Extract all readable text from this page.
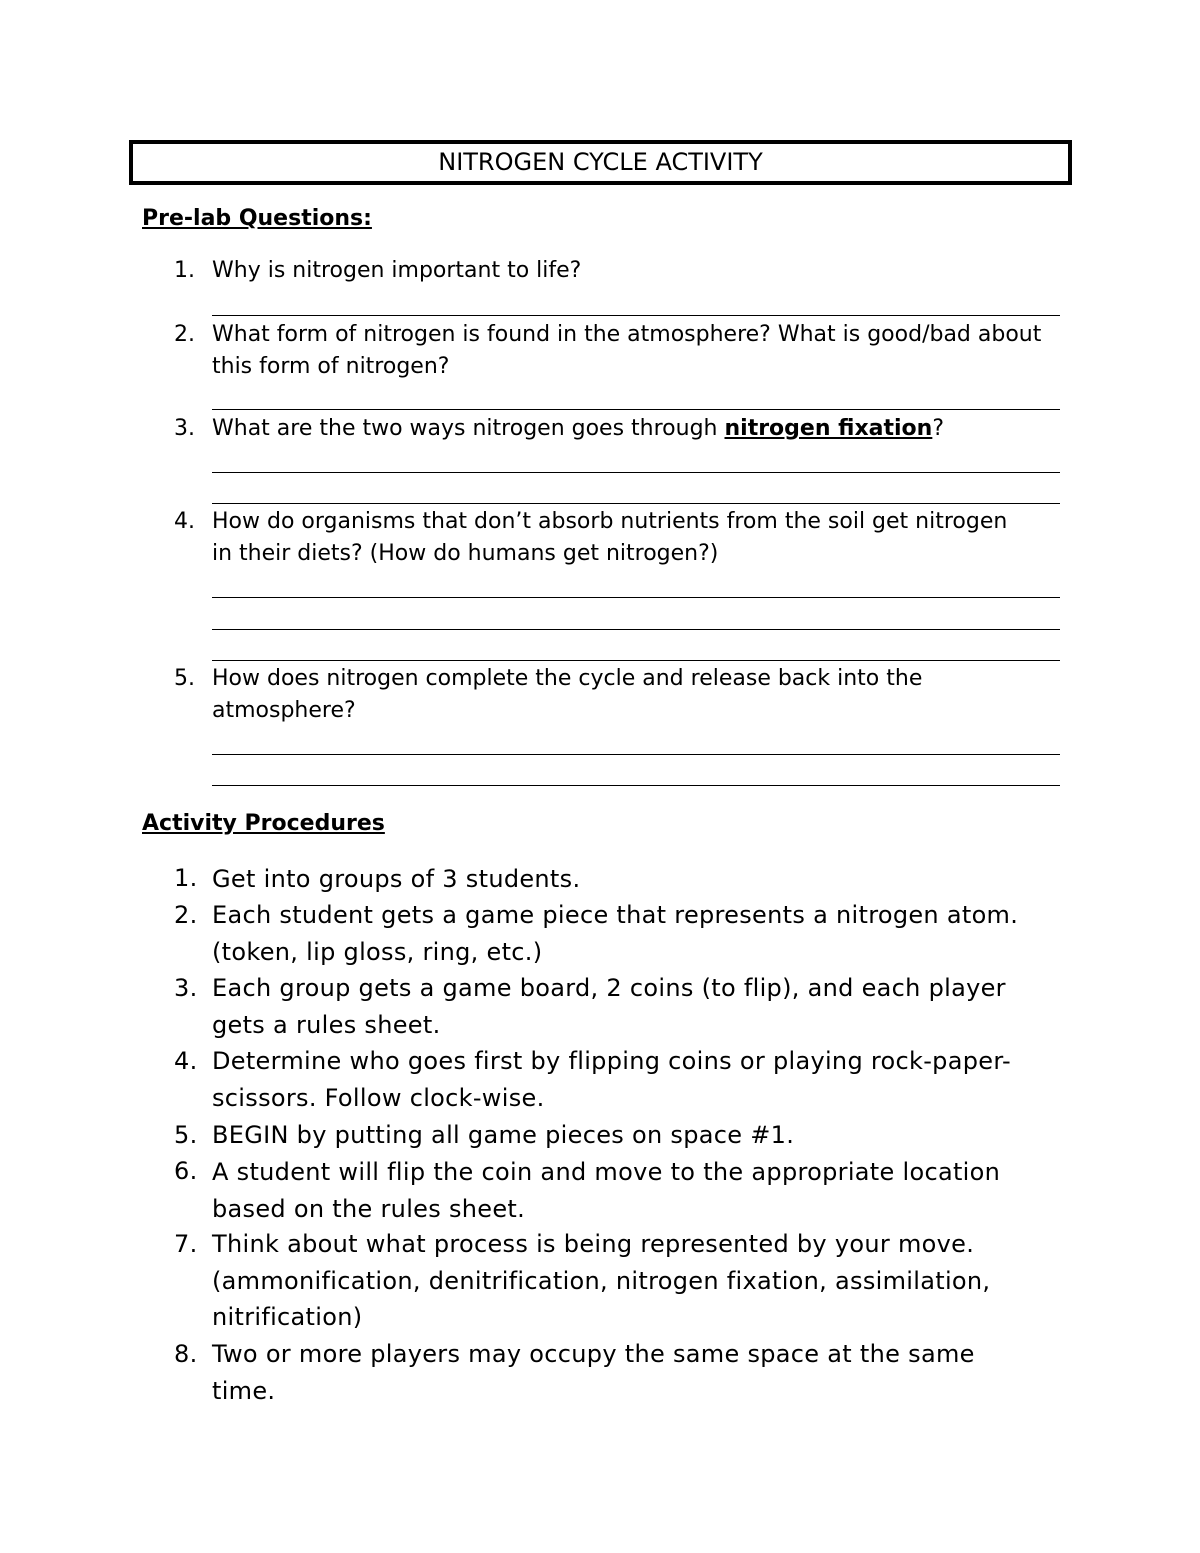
NITROGEN CYCLE ACTIVITY
Pre-lab Questions:
1. Why is nitrogen important to life?
2. What form of nitrogen is found in the atmosphere? What is good/bad about this form of nitrogen?
3. What are the two ways nitrogen goes through nitrogen fixation?
4. How do organisms that don’t absorb nutrients from the soil get nitrogen in their diets? (How do humans get nitrogen?)
5. How does nitrogen complete the cycle and release back into the atmosphere?
Activity Procedures
1. Get into groups of 3 students.
2. Each student gets a game piece that represents a nitrogen atom. (token, lip gloss, ring, etc.)
3. Each group gets a game board, 2 coins (to flip), and each player gets a rules sheet.
4. Determine who goes first by flipping coins or playing rock-paper-scissors. Follow clock-wise.
5. BEGIN by putting all game pieces on space #1.
6. A student will flip the coin and move to the appropriate location based on the rules sheet.
7. Think about what process is being represented by your move. (ammonification, denitrification, nitrogen fixation, assimilation, nitrification)
8. Two or more players may occupy the same space at the same time.
